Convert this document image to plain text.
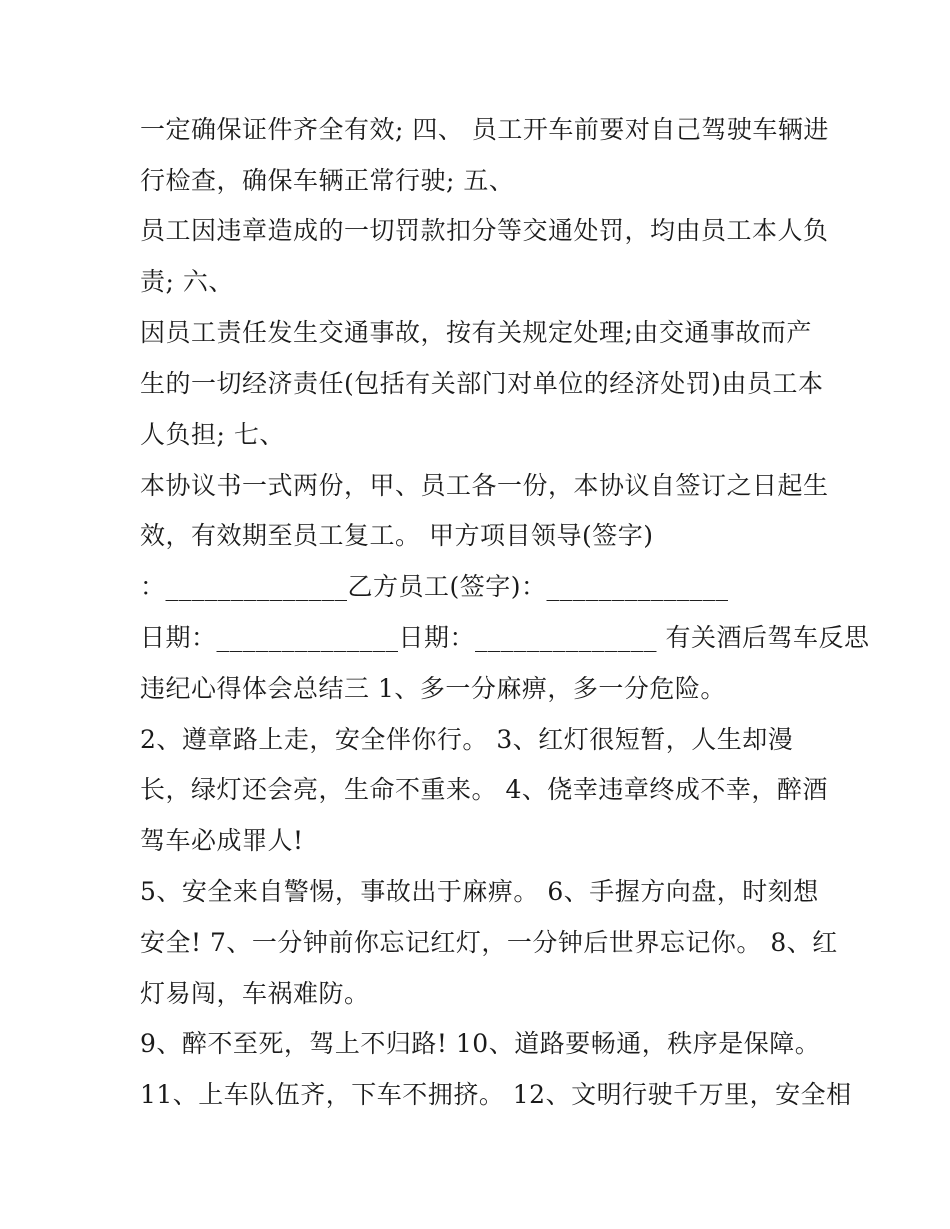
一定确保证件齐全有效; 四、 员工开车前要对自己驾驶车辆进
行检查，确保车辆正常行驶; 五、
员工因违章造成的一切罚款扣分等交通处罚，均由员工本人负
责; 六、
因员工责任发生交通事故，按有关规定处理;由交通事故而产
生的一切经济责任(包括有关部门对单位的经济处罚)由员工本
人负担; 七、
本协议书一式两份，甲、员工各一份，本协议自签订之日起生
效，有效期至员工复工。 甲方项目领导(签字)
：______________乙方员工(签字)：______________
日期：______________日期：______________ 有关酒后驾车反思
违纪心得体会总结三 1、多一分麻痹，多一分危险。
2、遵章路上走，安全伴你行。 3、红灯很短暂，人生却漫
长，绿灯还会亮，生命不重来。 4、侥幸违章终成不幸，醉酒
驾车必成罪人!
5、安全来自警惕，事故出于麻痹。 6、手握方向盘，时刻想
安全! 7、一分钟前你忘记红灯，一分钟后世界忘记你。 8、红
灯易闯，车祸难防。
9、醉不至死，驾上不归路! 10、道路要畅通，秩序是保障。
11、上车队伍齐，下车不拥挤。 12、文明行驶千万里，安全相
